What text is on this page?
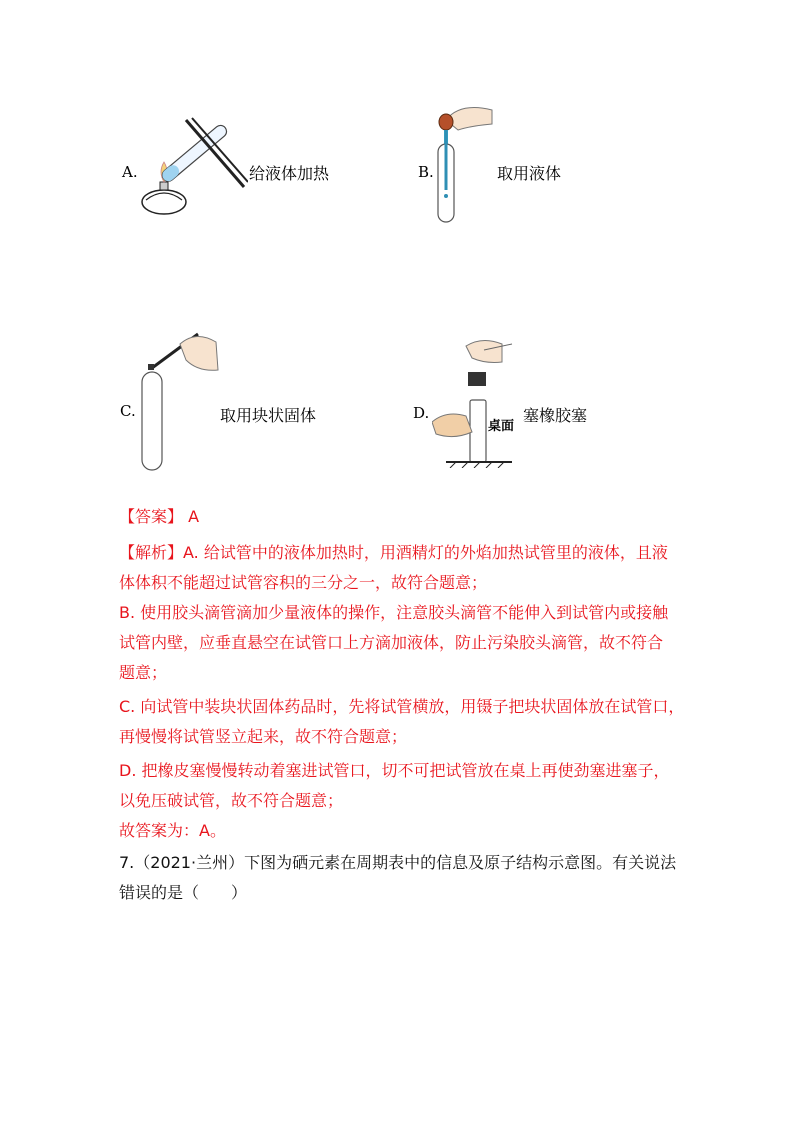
A.	给液体加热	B.	取用液体
C.	取用块状固体	D.
桌面
塞橡胶塞
【答案】 A
【解析】A. 给试管中的液体加热时，用酒精灯的外焰加热试管里的液体，且液
体体积不能超过试管容积的三分之一，故符合题意；
B. 使用胶头滴管滴加少量液体的操作，注意胶头滴管不能伸入到试管内或接触
试管内壁，应垂直悬空在试管口上方滴加液体，防止污染胶头滴管，故不符合
题意；
C. 向试管中装块状固体药品时，先将试管横放，用镊子把块状固体放在试管口，
再慢慢将试管竖立起来，故不符合题意；
D. 把橡皮塞慢慢转动着塞进试管口，切不可把试管放在桌上再使劲塞进塞子，
以免压破试管，故不符合题意；
故答案为：A。
7.（2021·兰州）下图为硒元素在周期表中的信息及原子结构示意图。有关说法
错误的是（　　）
